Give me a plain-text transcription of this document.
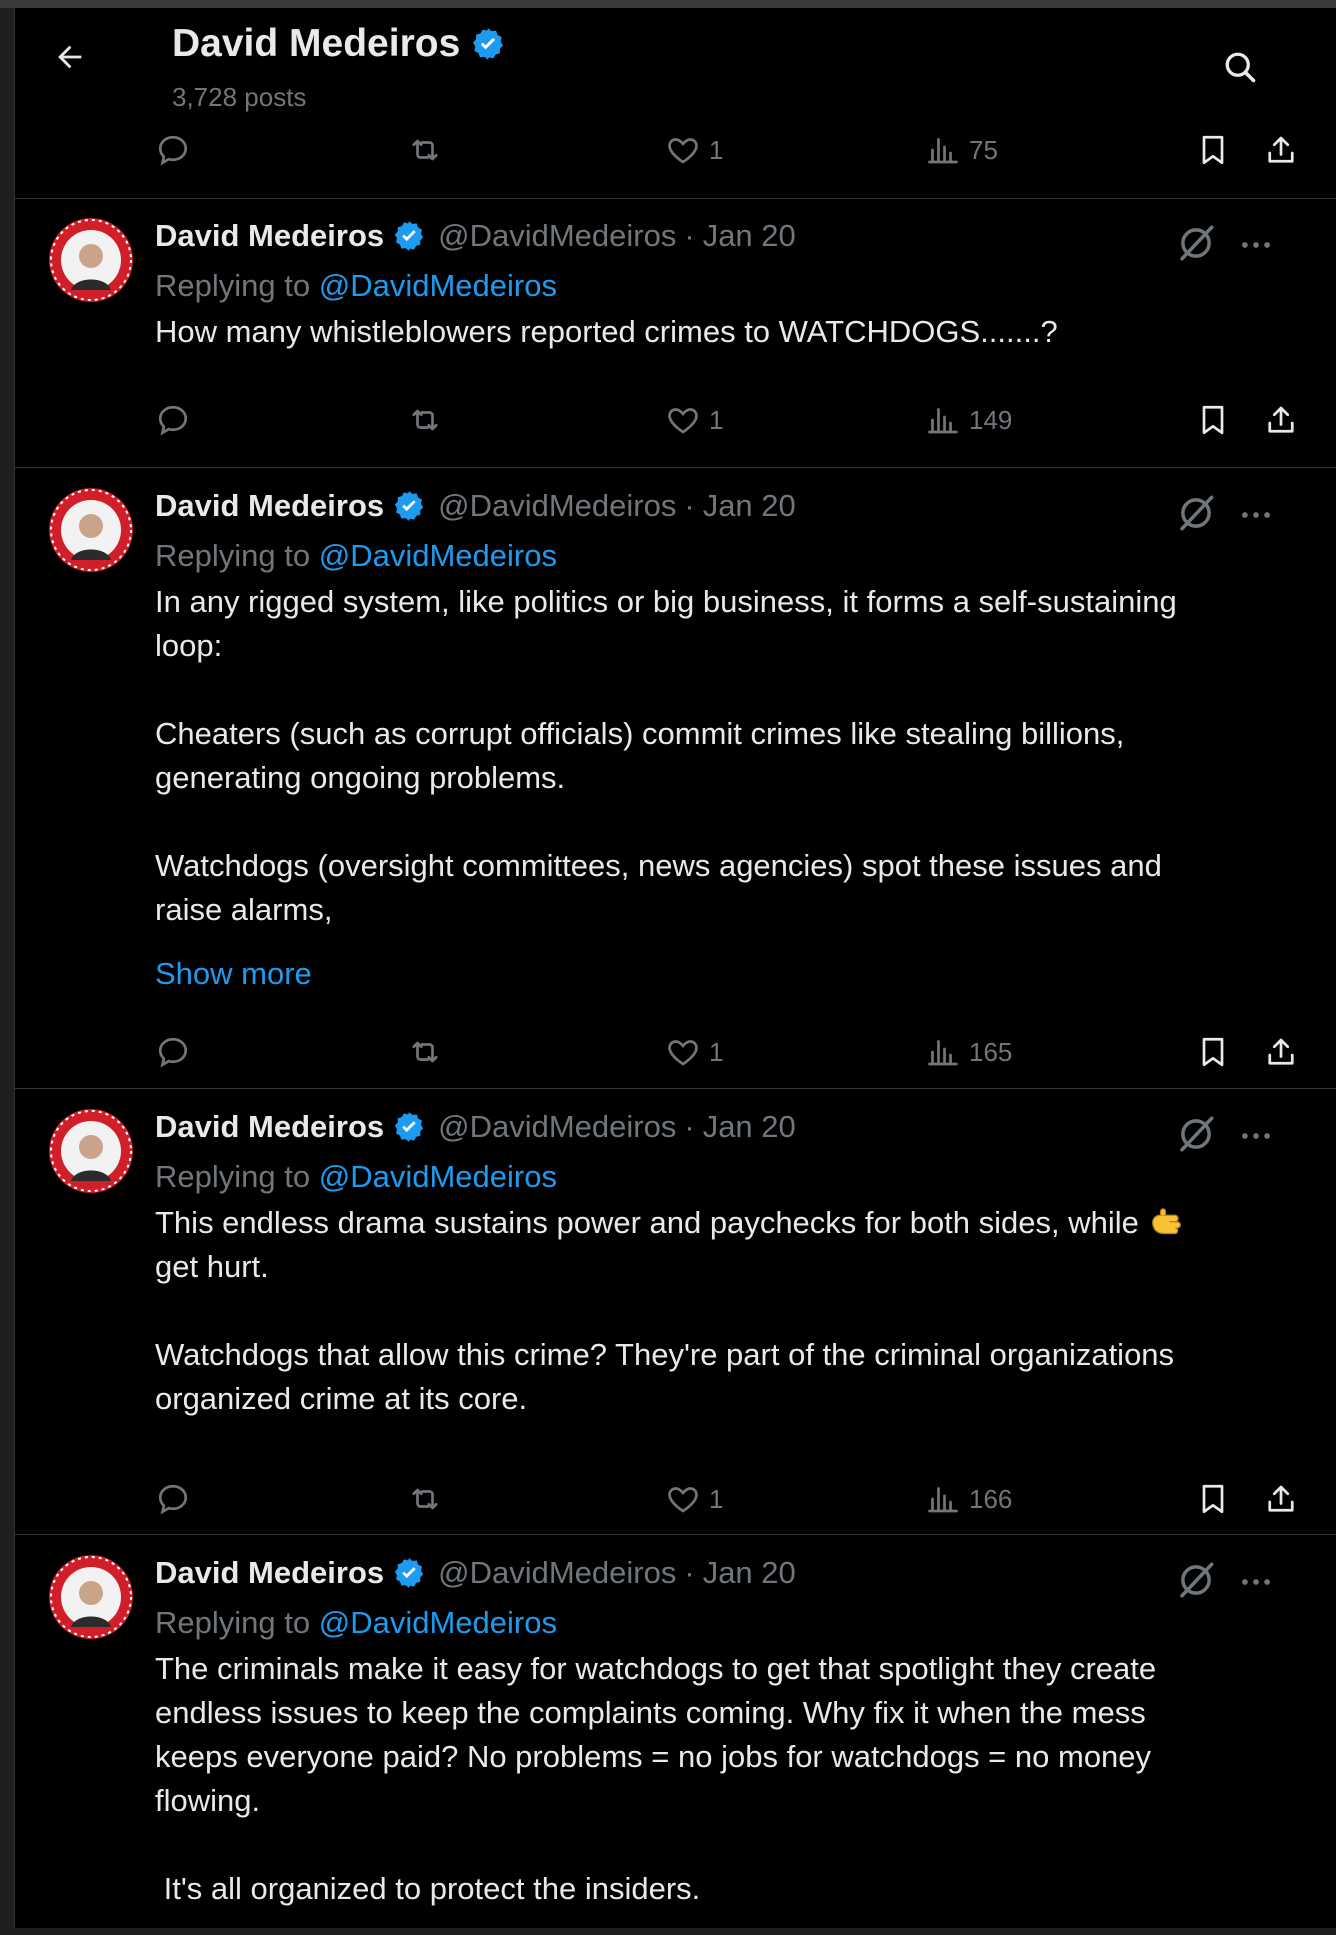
David Medeiros
3,728 posts
1	75
David Medeiros @DavidMedeiros · Jan 20
Replying to @DavidMedeiros
How many whistleblowers reported crimes to WATCHDOGS.......?
1	149
David Medeiros @DavidMedeiros · Jan 20
Replying to @DavidMedeiros
In any rigged system, like politics or big business, it forms a self-sustaining
loop:

Cheaters (such as corrupt officials) commit crimes like stealing billions,
generating ongoing problems.

Watchdogs (oversight committees, news agencies) spot these issues and
raise alarms,
Show more
1	165
David Medeiros @DavidMedeiros · Jan 20
Replying to @DavidMedeiros
This endless drama sustains power and paychecks for both sides, while
get hurt.

Watchdogs that allow this crime? They're part of the criminal organizations
organized crime at its core.
1	166
David Medeiros @DavidMedeiros · Jan 20
Replying to @DavidMedeiros
The criminals make it easy for watchdogs to get that spotlight they create
endless issues to keep the complaints coming. Why fix it when the mess
keeps everyone paid? No problems = no jobs for watchdogs = no money
flowing.

It's all organized to protect the insiders.
